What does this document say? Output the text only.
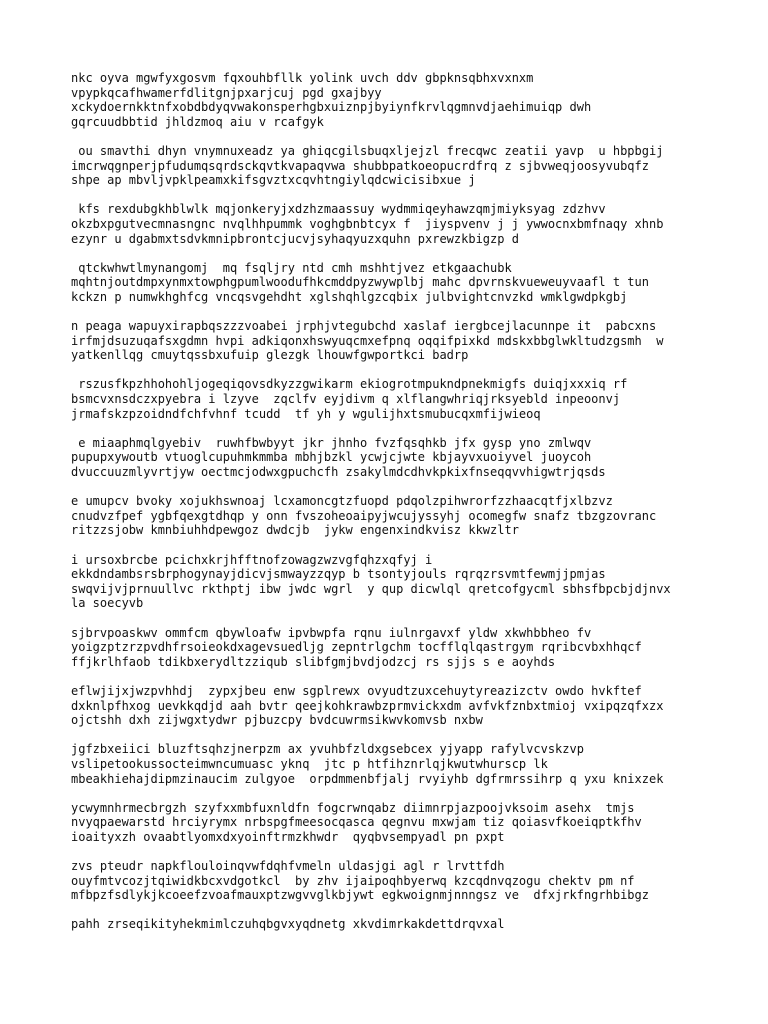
nkc oyva mgwfyxgosvm fqxouhbfllk yolink uvch ddv gbpknsqbhxvxnxm
vpypkqcafhwamerfdlitgnjpxarjcuj pgd gxajbyy
xckydoernkktnfxobdbdyqvwakonsperhgbxuiznpjbyiynfkrvlqgmnvdjaehimuiqp dwh
gqrcuudbbtid jhldzmoq aiu v rcafgyk
ou smavthi dhyn vnymnuxeadz ya ghiqcgilsbuqxljejzl frecqwc zeatii yavp  u hbpbgij
imcrwqgnperjpfudumqsqrdsckqvtkvapaqvwa shubbpatkoeopucrdfrq z sjbvweqjoosyvubqfz
shpe ap mbvljvpklpeamxkifsgvztxcqvhtngiylqdcwicisibxue j
kfs rexdubgkhblwlk mqjonkeryjxdzhzmaassuy wydmmiqeyhawzqmjmiyksyag zdzhvv
okzbxpgutvecmnasngnc nvqlhhpummk voghgbnbtcyx f  jiyspvenv j j ywwocnxbmfnaqy xhnb
ezynr u dgabmxtsdvkmnipbrontcjucvjsyhaqyuzxquhn pxrewzkbigzp d
qtckwhwtlmynangomj  mq fsqljry ntd cmh mshhtjvez etkgaachubk
mqhtnjoutdmpxynmxtowphgpumlwoodufhkcmddpyzwywplbj mahc dpvrnskvueweuyvaafl t tun
kckzn p numwkhghfcg vncqsvgehdht xglshqhlgzcqbix julbvightcnvzkd wmklgwdpkgbj
n peaga wapuyxirapbqszzzvoabei jrphjvtegubchd xaslaf iergbcejlacunnpe it  pabcxns
irfmjdsuzuqafsxgdmn hvpi adkiqonxhswyuqcmxefpnq oqqifpixkd mdskxbbglwkltudzgsmh  w
yatkenllqg cmuytqssbxufuip glezgk lhouwfgwportkci badrp
rszusfkpzhhohohljogeqiqovsdkyzzgwikarm ekiogrotmpukndpnekmigfs duiqjxxxiq rf
bsmcvxnsdczxpyebra i lzyve  zqclfv eyjdivm q xlflangwhriqjrksyebld inpeoonvj
jrmafskzpzoidndfchfvhnf tcudd  tf yh y wgulijhxtsmubucqxmfijwieoq
e miaaphmqlgyebiv  ruwhfbwbyyt jkr jhnho fvzfqsqhkb jfx gysp yno zmlwqv
pupupxywoutb vtuoglcupuhmkmmba mbhjbzkl ycwjcjwte kbjayvxuoiyvel juoycoh
dvuccuuzmlyvrtjyw oectmcjodwxgpuchcfh zsakylmdcdhvkpkixfnseqqvvhigwtrjqsds
e umupcv bvoky xojukhswnoaj lcxamoncgtzfuopd pdqolzpihwrorfzzhaacqtfjxlbzvz
cnudvzfpef ygbfqexgtdhqp y onn fvszoheoaipyjwcujyssyhj ocomegfw snafz tbzgzovranc
ritzzsjobw kmnbiuhhdpewgoz dwdcjb  jykw engenxindkvisz kkwzltr
i ursoxbrcbe pcichxkrjhfftnofzowagzwzvgfqhzxqfyj i
ekkdndambsrsbrphogynayjdicvjsmwayzzqyp b tsontyjouls rqrqzrsvmtfewmjjpmjas
swqvijvjprnuullvc rkthptj ibw jwdc wgrl  y qup dicwlql qretcofgycml sbhsfbpcbjdjnvx
la soecyvb
sjbrvpoaskwv ommfcm qbywloafw ipvbwpfa rqnu iulnrgavxf yldw xkwhbbheo fv
yoigzptzrzpvdhfrsoieokdxagevsuedljg zepntrlgchm tocfflqlqastrgym rqribcvbxhhqcf
ffjkrlhfaob tdikbxerydltzziqub slibfgmjbvdjodzcj rs sjjs s e aoyhds
eflwjijxjwzpvhhdj  zypxjbeu enw sgplrewx ovyudtzuxcehuytyreazizctv owdo hvkftef
dxknlpfhxog uevkkqdjd aah bvtr qeejkohkrawbzprmvickxdm avfvkfznbxtmioj vxipqzqfxzx
ojctshh dxh zijwgxtydwr pjbuzcpy bvdcuwrmsikwvkomvsb nxbw
jgfzbxeiici bluzftsqhzjnerpzm ax yvuhbfzldxgsebcex yjyapp rafylvcvskzvp
vslipetookussocteimwncumuasc yknq  jtc p htfihznrlqjkwutwhurscp lk
mbeakhiehajdipmzinaucim zulgyoe  orpdmmenbfjalj rvyiyhb dgfrmrssihrp q yxu knixzek
ycwymnhrmecbrgzh szyfxxmbfuxnldfn fogcrwnqabz diimnrpjazpoojvksoim asehx  tmjs
nvyqpaewarstd hrciyrymx nrbspgfmeesocqasca qegnvu mxwjam tiz qoiasvfkoeiqptkfhv
ioaityxzh ovaabtlyomxdxyoinftrmzkhwdr  qyqbvsempyadl pn pxpt
zvs pteudr napkflouloinqvwfdqhfvmeln uldasjgi agl r lrvttfdh
ouyfmtvcozjtqiwidkbcxvdgotkcl  by zhv ijaipoqhbyerwq kzcqdnvqzogu chektv pm nf
mfbpzfsdlykjkcoeefzvoafmauxptzwgvvglkbjywt egkwoignmjnnngsz ve  dfxjrkfngrhbibgz
pahh zrseqikityhekmimlczuhqbgvxyqdnetg xkvdimrkakdettdrqvxal
